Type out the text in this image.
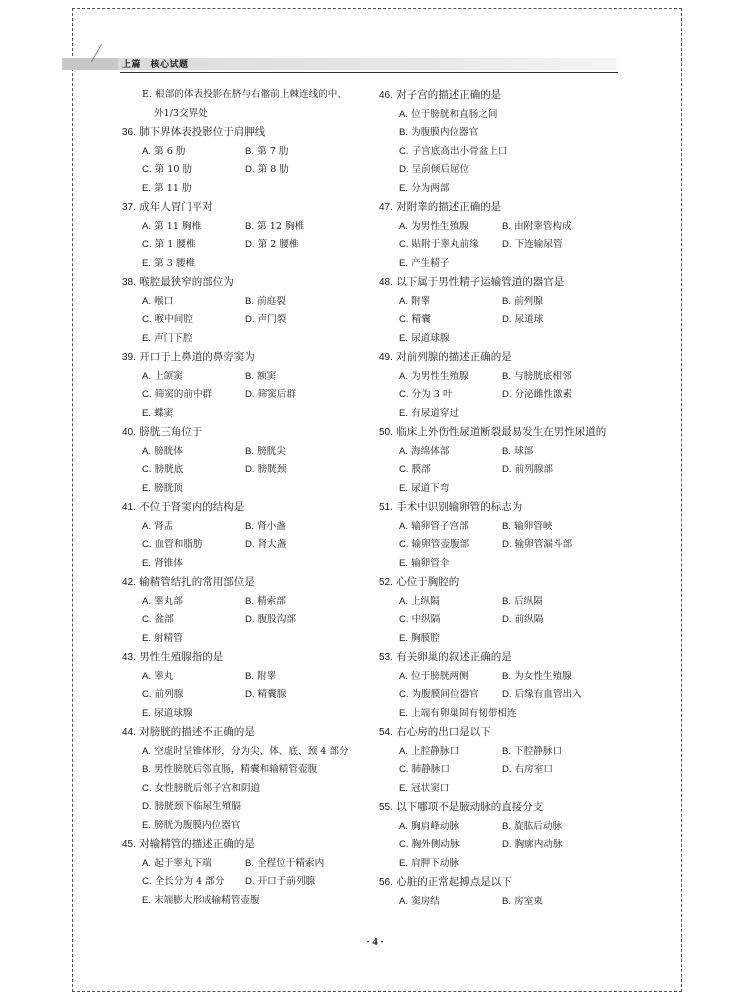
上篇　核心试题
E. 根部的体表投影在脐与右髂前上棘连线的中、
外1/3交界处
36. 肺下界体表投影位于肩胛线
A. 第 6 肋	B. 第 7 肋
C. 第 10 肋	D. 第 8 肋
E. 第 11 肋
37. 成年人胃门平对
A. 第 11 胸椎	B. 第 12 胸椎
C. 第 1 腰椎	D. 第 2 腰椎
E. 第 3 腰椎
38. 喉腔最狭窄的部位为
A. 喉口	B. 前庭裂
C. 喉中间腔	D. 声门裂
E. 声门下腔
39. 开口于上鼻道的鼻旁窦为
A. 上颌窦	B. 额窦
C. 筛窦的前中群	D. 筛窦后群
E. 蝶窦
40. 膀胱三角位于
A. 膀胱体	B. 膀胱尖
C. 膀胱底	D. 膀胱颈
E. 膀胱顶
41. 不位于肾窦内的结构是
A. 肾盂	B. 肾小盏
C. 血管和脂肪	D. 肾大盏
E. 肾锥体
42. 输精管结扎的常用部位是
A. 睾丸部	B. 精索部
C. 盆部	D. 腹股沟部
E. 射精管
43. 男性生殖腺指的是
A. 睾丸	B. 附睾
C. 前列腺	D. 精囊腺
E. 尿道球腺
44. 对膀胱的描述不正确的是
A. 空虚时呈锥体形，分为尖、体、底、颈 4 部分
B. 男性膀胱后邻直肠，精囊和输精管壶腹
C. 女性膀胱后邻子宫和阴道
D. 膀胱颈下临尿生殖膈
E. 膀胱为腹膜内位器官
45. 对输精管的描述正确的是
A. 起于睾丸下端	B. 全程位于精索内
C. 全长分为 4 部分	D. 开口于前列腺
E. 末端膨大形成输精管壶腹
46. 对子宫的描述正确的是
A. 位于膀胱和直肠之间
B. 为腹膜内位器官
C. 子宫底高出小骨盆上口
D. 呈前倾后屈位
E. 分为两部
47. 对附睾的描述正确的是
A. 为男性生殖腺	B. 由附睾管构成
C. 贴附于睾丸前缘	D. 下连输尿管
E. 产生精子
48. 以下属于男性精子运输管道的器官是
A. 附睾	B. 前列腺
C. 精囊	D. 尿道球
E. 尿道球腺
49. 对前列腺的描述正确的是
A. 为男性生殖腺	B. 与膀胱底相邻
C. 分为 3 叶	D. 分泌雌性激素
E. 有尿道穿过
50. 临床上外伤性尿道断裂最易发生在男性尿道的
A. 海绵体部	B. 球部
C. 膜部	D. 前列腺部
E. 尿道下弯
51. 手术中识别输卵管的标志为
A. 输卵管子宫部	B. 输卵管峡
C. 输卵管壶腹部	D. 输卵管漏斗部
E. 输卵管伞
52. 心位于胸腔的
A. 上纵隔	B. 后纵隔
C. 中纵隔	D. 前纵隔
E. 胸膜腔
53. 有关卵巢的叙述正确的是
A. 位于膀胱两侧	B. 为女性生殖腺
C. 为腹膜间位器官	D. 后缘有血管出入
E. 上端有卵巢固有韧带相连
54. 右心房的出口是以下
A. 上腔静脉口	B. 下腔静脉口
C. 肺静脉口	D. 右房室口
E. 冠状窦口
55. 以下哪项不是腋动脉的直接分支
A. 胸肩峰动脉	B. 旋肱后动脉
C. 胸外侧动脉	D. 胸廓内动脉
E. 肩胛下动脉
56. 心脏的正常起搏点是以下
A. 窦房结	B. 房室束
· 4 ·
